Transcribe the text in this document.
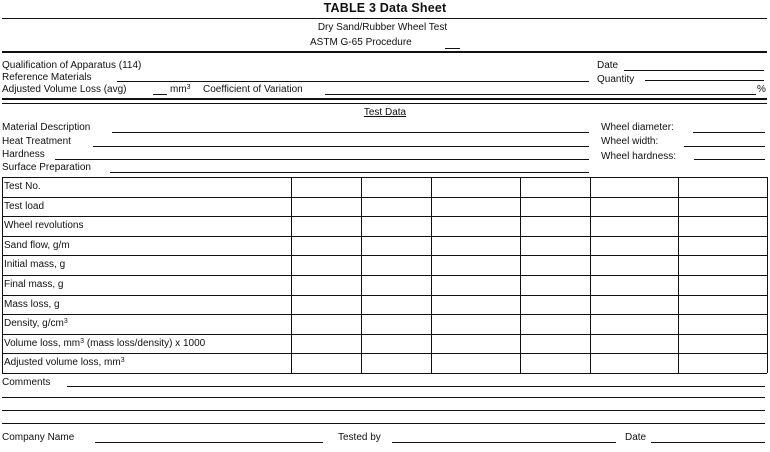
TABLE 3 Data Sheet
Dry Sand/Rubber Wheel Test
ASTM G-65 Procedure
Qualification of Apparatus (114)	Date
Reference Materials	Quantity
Adjusted Volume Loss (avg)	$mm^3$ Coefficient of Variation	%
Test Data
Material Description	Wheel diameter:
Heat Treatment	Wheel width:
Hardness	Wheel hardness:
Surface Preparation
Test No.
Test load
Wheel revolutions
Sand flow, g/m
Initial mass, g
Final mass, g
Mass loss, g
Density, $g/cm^3$
Volume loss, $mm^3$ (mass loss/density) x 1000
Adjusted volume loss, $mm^3$
Comments
Company Name	Tested by	Date
